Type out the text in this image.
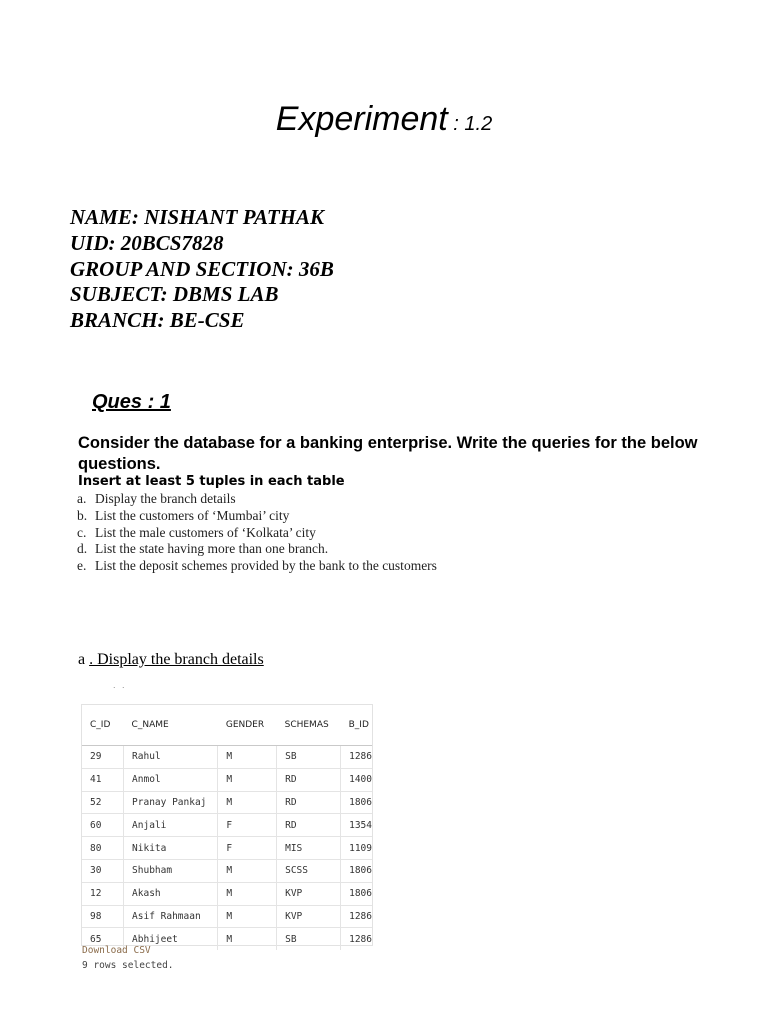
Experiment : 1.2
NAME: NISHANT PATHAK
UID: 20BCS7828
GROUP AND SECTION: 36B
SUBJECT: DBMS LAB
BRANCH: BE-CSE
Ques : 1
Consider the database for a banking enterprise. Write the queries for the below questions.
Insert at least 5 tuples in each table
a. Display the branch details
b. List the customers of ‘Mumbai’ city
c. List the male customers of ‘Kolkata’ city
d. List the state having more than one branch.
e. List the deposit schemes provided by the bank to the customers
a . Display the branch details
. .
C_ID	C_NAME	GENDER	SCHEMAS	B_ID
29	Rahul	M	SB	1286
41	Anmol	M	RD	1400
52	Pranay Pankaj	M	RD	1806
60	Anjali	F	RD	1354
80	Nikita	F	MIS	1109
30	Shubham	M	SCSS	1806
12	Akash	M	KVP	1806
98	Asif Rahmaan	M	KVP	1286
65	Abhijeet	M	SB	1286
Download CSV
9 rows selected.
